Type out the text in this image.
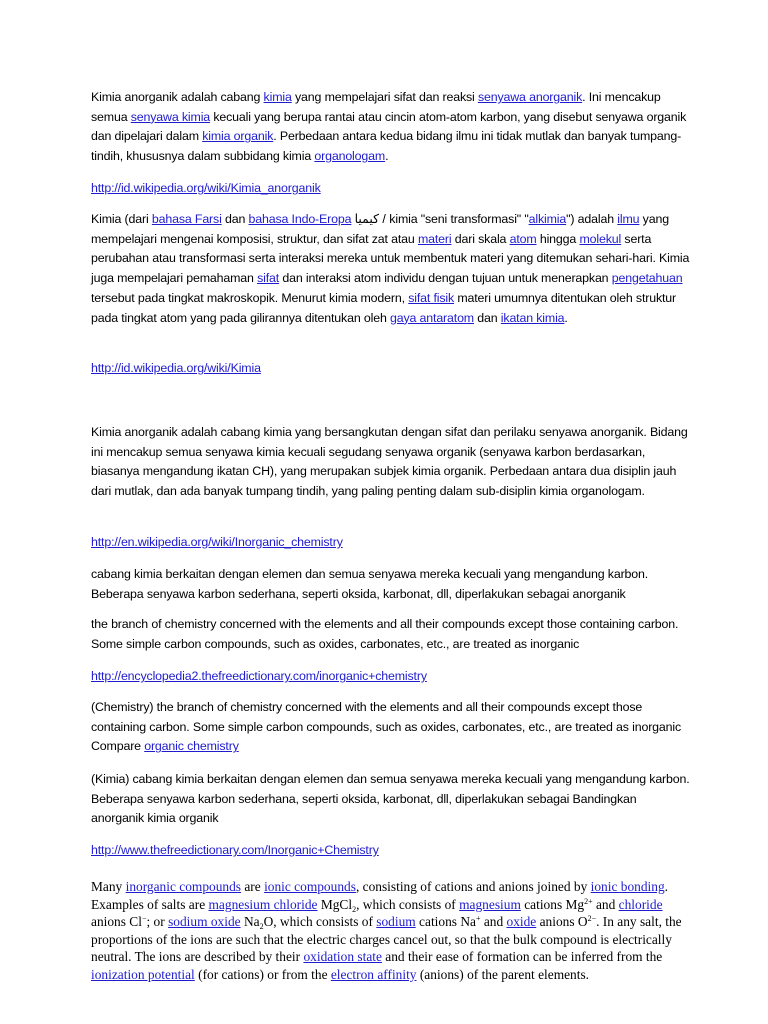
Kimia anorganik adalah cabang kimia yang mempelajari sifat dan reaksi senyawa anorganik. Ini mencakup semua senyawa kimia kecuali yang berupa rantai atau cincin atom-atom karbon, yang disebut senyawa organik dan dipelajari dalam kimia organik. Perbedaan antara kedua bidang ilmu ini tidak mutlak dan banyak tumpang-tindih, khususnya dalam subbidang kimia organologam.

http://id.wikipedia.org/wiki/Kimia_anorganik

Kimia (dari bahasa Farsi dan bahasa Indo-Eropa کیمیا / kimia "seni transformasi" "alkimia") adalah ilmu yang mempelajari mengenai komposisi, struktur, dan sifat zat atau materi dari skala atom hingga molekul serta perubahan atau transformasi serta interaksi mereka untuk membentuk materi yang ditemukan sehari-hari. Kimia juga mempelajari pemahaman sifat dan interaksi atom individu dengan tujuan untuk menerapkan pengetahuan tersebut pada tingkat makroskopik. Menurut kimia modern, sifat fisik materi umumnya ditentukan oleh struktur pada tingkat atom yang pada gilirannya ditentukan oleh gaya antaratom dan ikatan kimia.

http://id.wikipedia.org/wiki/Kimia

Kimia anorganik adalah cabang kimia yang bersangkutan dengan sifat dan perilaku senyawa anorganik. Bidang ini mencakup semua senyawa kimia kecuali segudang senyawa organik (senyawa karbon berdasarkan, biasanya mengandung ikatan CH), yang merupakan subjek kimia organik. Perbedaan antara dua disiplin jauh dari mutlak, dan ada banyak tumpang tindih, yang paling penting dalam sub-disiplin kimia organologam.

http://en.wikipedia.org/wiki/Inorganic_chemistry

cabang kimia berkaitan dengan elemen dan semua senyawa mereka kecuali yang mengandung karbon. Beberapa senyawa karbon sederhana, seperti oksida, karbonat, dll, diperlakukan sebagai anorganik

the branch of chemistry concerned with the elements and all their compounds except those containing carbon. Some simple carbon compounds, such as oxides, carbonates, etc., are treated as inorganic

http://encyclopedia2.thefreedictionary.com/inorganic+chemistry

(Chemistry) the branch of chemistry concerned with the elements and all their compounds except those containing carbon. Some simple carbon compounds, such as oxides, carbonates, etc., are treated as inorganic Compare organic chemistry

(Kimia) cabang kimia berkaitan dengan elemen dan semua senyawa mereka kecuali yang mengandung karbon. Beberapa senyawa karbon sederhana, seperti oksida, karbonat, dll, diperlakukan sebagai Bandingkan anorganik kimia organik

http://www.thefreedictionary.com/Inorganic+Chemistry

Many inorganic compounds are ionic compounds, consisting of cations and anions joined by ionic bonding. Examples of salts are magnesium chloride MgCl$_2$, which consists of magnesium cations $Mg^{2+}$ and chloride anions Cl−; or sodium oxide $Na_2O$, which consists of sodium cations Na+ and oxide anions $O^{2-}$. In any salt, the proportions of the ions are such that the electric charges cancel out, so that the bulk compound is electrically neutral. The ions are described by their oxidation state and their ease of formation can be inferred from the ionization potential (for cations) or from the electron affinity (anions) of the parent elements.
